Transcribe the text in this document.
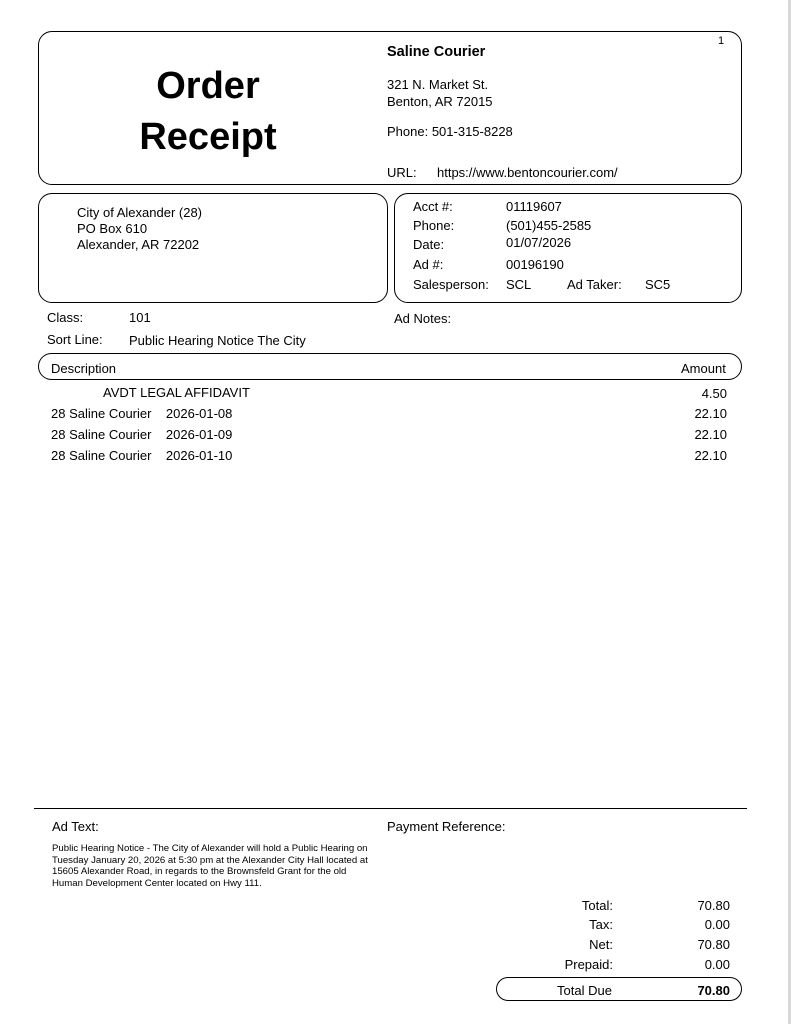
1
Order
Receipt
Saline Courier
321 N. Market St.
Benton, AR 72015
Phone: 501-315-8228
URL: https://www.bentoncourier.com/
City of Alexander (28)
PO Box 610
Alexander, AR 72202
Acct #:	01119607
Phone:	(501)455-2585
Date:	01/07/2026
Ad #:	00196190
Salesperson: SCL	Ad Taker: SC5
Class:	101	Ad Notes:
Sort Line: Public Hearing Notice The City
Description	Amount
AVDT LEGAL AFFIDAVIT	4.50
28 Saline Courier    2026-01-08	22.10
28 Saline Courier    2026-01-09	22.10
28 Saline Courier    2026-01-10	22.10
Ad Text:
Public Hearing Notice - The City of Alexander will hold a Public Hearing on Tuesday January 20, 2026 at 5:30 pm at the Alexander City Hall located at 15605 Alexander Road, in regards to the Brownsfeld Grant for the old Human Development Center located on Hwy 111.
Payment Reference:
Total:	70.80
Tax:	0.00
Net:	70.80
Prepaid:	0.00
Total Due	70.80
